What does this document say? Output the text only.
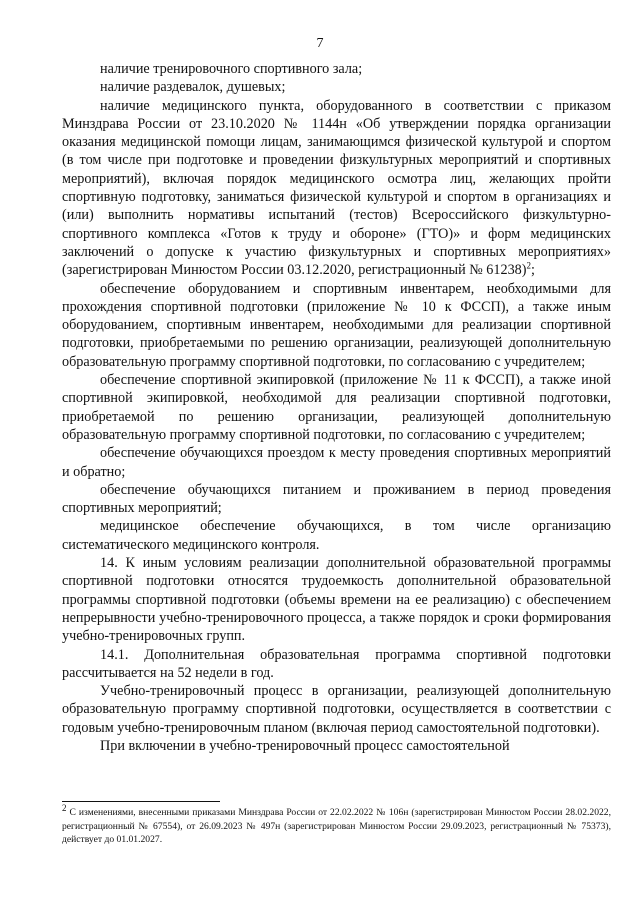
7

наличие тренировочного спортивного зала;

наличие раздевалок, душевых;

наличие медицинского пункта, оборудованного в соответствии с приказом Минздрава России от 23.10.2020 № 1144н «Об утверждении порядка организации оказания медицинской помощи лицам, занимающимся физической культурой и спортом (в том числе при подготовке и проведении физкультурных мероприятий и спортивных мероприятий), включая порядок медицинского осмотра лиц, желающих пройти спортивную подготовку, заниматься физической культурой и спортом в организациях и (или) выполнить нормативы испытаний (тестов) Всероссийского физкультурно-спортивного комплекса «Готов к труду и обороне» (ГТО)» и форм медицинских заключений о допуске к участию физкультурных и спортивных мероприятиях» (зарегистрирован Минюстом России 03.12.2020, регистрационный № 61238)$^2$;

обеспечение оборудованием и спортивным инвентарем, необходимыми для прохождения спортивной подготовки (приложение № 10 к ФССП), а также иным оборудованием, спортивным инвентарем, необходимыми для реализации спортивной подготовки, приобретаемыми по решению организации, реализующей дополнительную образовательную программу спортивной подготовки, по согласованию с учредителем;

обеспечение спортивной экипировкой (приложение № 11 к ФССП), а также иной спортивной экипировкой, необходимой для реализации спортивной подготовки, приобретаемой по решению организации, реализующей дополнительную образовательную программу спортивной подготовки, по согласованию с учредителем;

обеспечение обучающихся проездом к месту проведения спортивных мероприятий и обратно;

обеспечение обучающихся питанием и проживанием в период проведения спортивных мероприятий;

медицинское обеспечение обучающихся, в том числе организацию систематического медицинского контроля.

14. К иным условиям реализации дополнительной образовательной программы спортивной подготовки относятся трудоемкость дополнительной образовательной программы спортивной подготовки (объемы времени на ее реализацию) с обеспечением непрерывности учебно-тренировочного процесса, а также порядок и сроки формирования учебно-тренировочных групп.

14.1. Дополнительная образовательная программа спортивной подготовки рассчитывается на 52 недели в год.

Учебно-тренировочный процесс в организации, реализующей дополнительную образовательную программу спортивной подготовки, осуществляется в соответствии с годовым учебно-тренировочным планом (включая период самостоятельной подготовки).

При включении в учебно-тренировочный процесс самостоятельной

$^2$ С изменениями, внесенными приказами Минздрава России от 22.02.2022 № 106н (зарегистрирован Минюстом России 28.02.2022, регистрационный № 67554), от 26.09.2023 № 497н (зарегистрирован Минюстом России 29.09.2023, регистрационный № 75373), действует до 01.01.2027.
